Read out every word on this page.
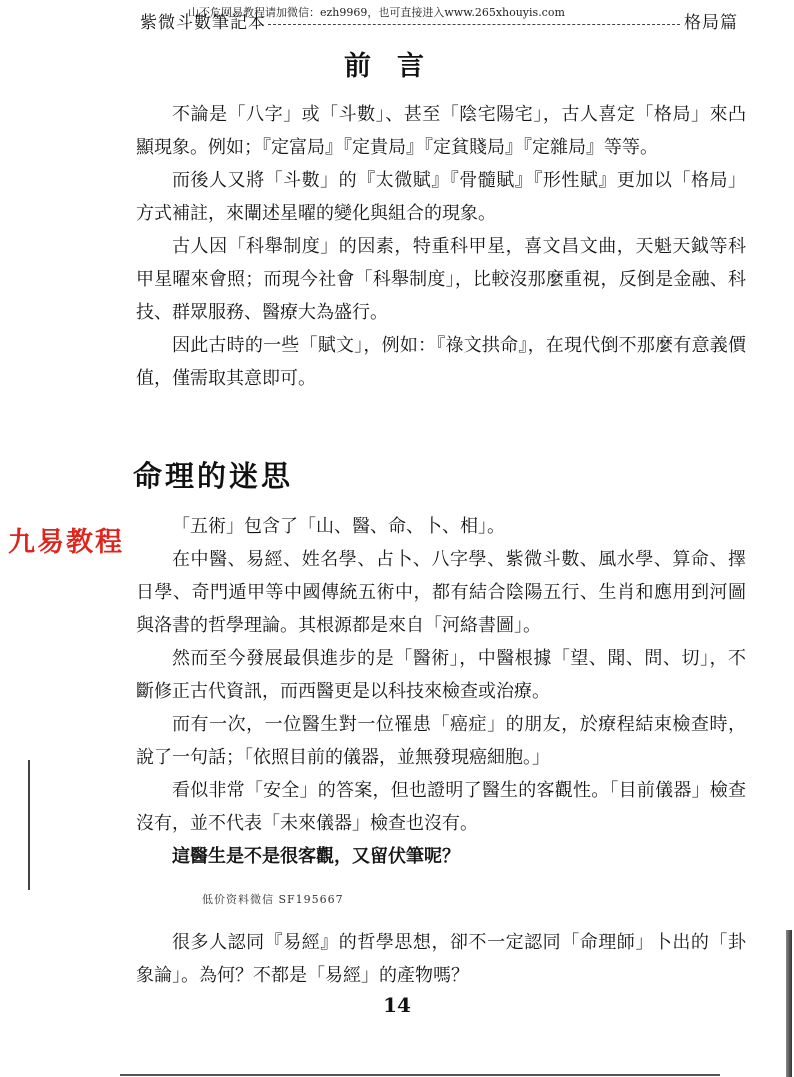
山不危网易教程请加微信：ezh9969，也可直接进入www.265xhouyis.com
紫微斗數筆記本	格局篇
前言

不論是「八字」或「斗數」、甚至「陰宅陽宅」，古人喜定「格局」來凸顯現象。例如；『定富局』『定貴局』『定貧賤局』『定雜局』等等。

而後人又將「斗數」的『太微賦』『骨髓賦』『形性賦』更加以「格局」方式補註，來闡述星曜的變化與組合的現象。

古人因「科舉制度」的因素，特重科甲星，喜文昌文曲，天魁天鉞等科甲星曜來會照；而現今社會「科舉制度」，比較沒那麼重視，反倒是金融、科技、群眾服務、醫療大為盛行。

因此古時的一些「賦文」，例如：『祿文拱命』，在現代倒不那麼有意義價值，僅需取其意即可。

命理的迷思
九易教程

「五術」包含了「山、醫、命、卜、相」。

在中醫、易經、姓名學、占卜、八字學、紫微斗數、風水學、算命、擇日學、奇門遁甲等中國傳統五術中，都有結合陰陽五行、生肖和應用到河圖與洛書的哲學理論。其根源都是來自「河絡書圖」。

然而至今發展最俱進步的是「醫術」，中醫根據「望、聞、問、切」，不斷修正古代資訊，而西醫更是以科技來檢查或治療。

而有一次，一位醫生對一位罹患「癌症」的朋友，於療程結束檢查時，說了一句話；「依照目前的儀器，並無發現癌細胞。」

看似非常「安全」的答案，但也證明了醫生的客觀性。「目前儀器」檢查沒有，並不代表「未來儀器」檢查也沒有。

這醫生是不是很客觀，又留伏筆呢？

低价资料微信 SF195667

很多人認同『易經』的哲學思想，卻不一定認同「命理師」卜出的「卦象論」。為何？不都是「易經」的產物嗎？

14
